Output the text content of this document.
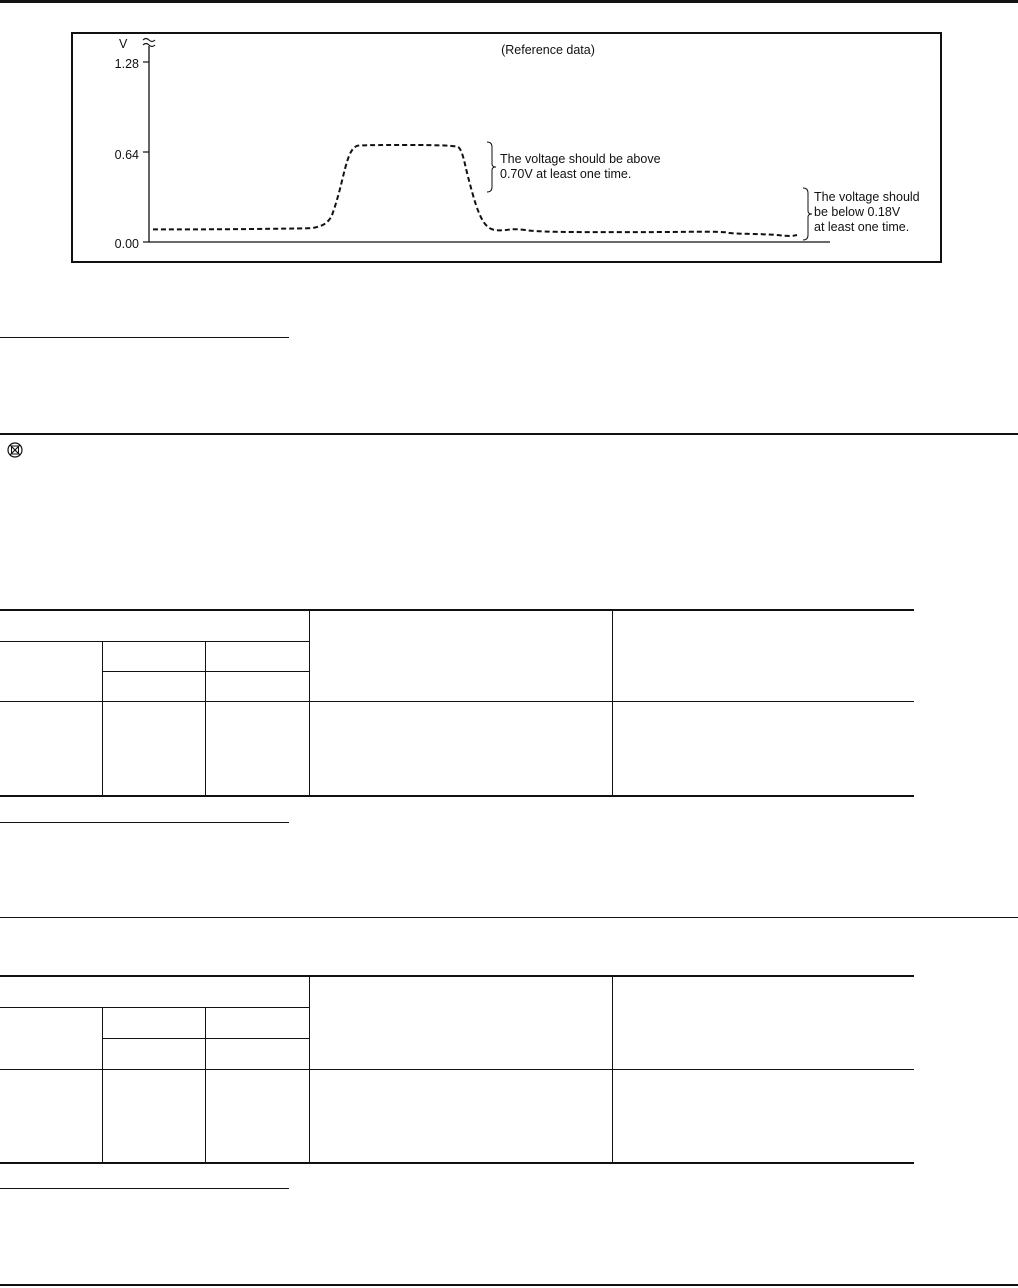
(Reference data)
V
1.28
0.64
0.00
The voltage should be above 0.70V at least one time.
The voltage should be below 0.18V at least one time.
